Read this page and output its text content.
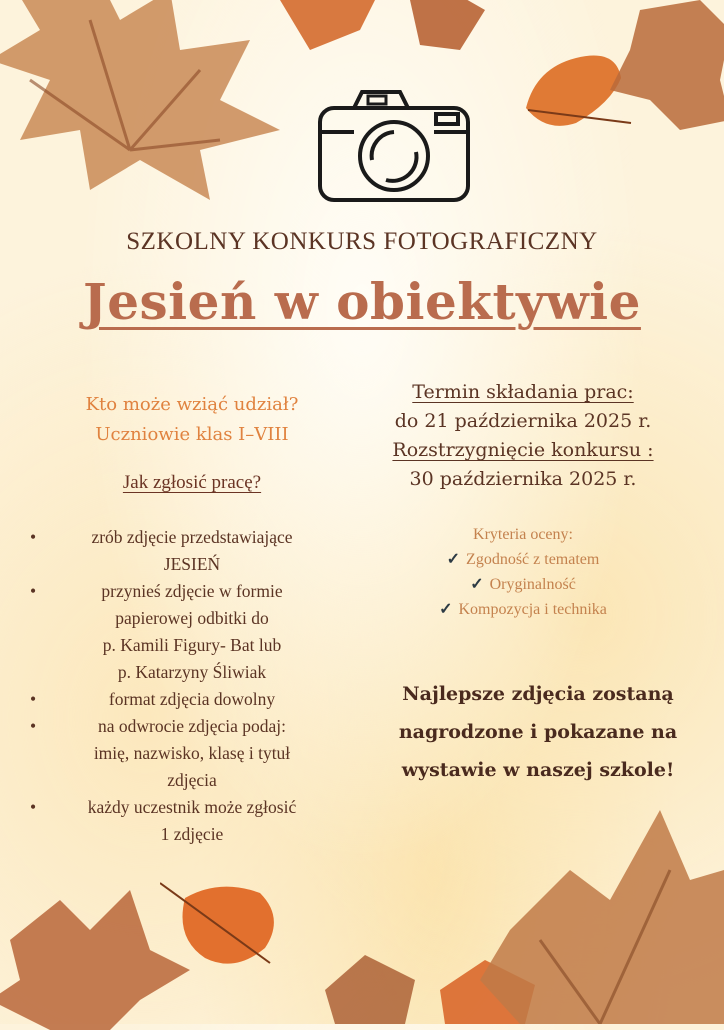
SZKOLNY KONKURS FOTOGRAFICZNY
Jesień w obiektywie
Kto może wziąć udział?
Uczniowie klas I–VIII
Jak zgłosić pracę?
• zrób zdjęcie przedstawiające
JESIEŃ
• przynieś zdjęcie w formie
papierowej odbitki do
p. Kamili Figury- Bat lub
p. Katarzyny Śliwiak
• format zdjęcia dowolny
• na odwrocie zdjęcia podaj:
imię, nazwisko, klasę i tytuł
zdjęcia
• każdy uczestnik może zgłosić
1 zdjęcie
Termin składania prac:
do 21 października 2025 r.
Rozstrzygnięcie konkursu :
30 października 2025 r.
Kryteria oceny:
✓ Zgodność z tematem
✓ Oryginalność
✓ Kompozycja i technika
Najlepsze zdjęcia zostaną
nagrodzone i pokazane na
wystawie w naszej szkole!
